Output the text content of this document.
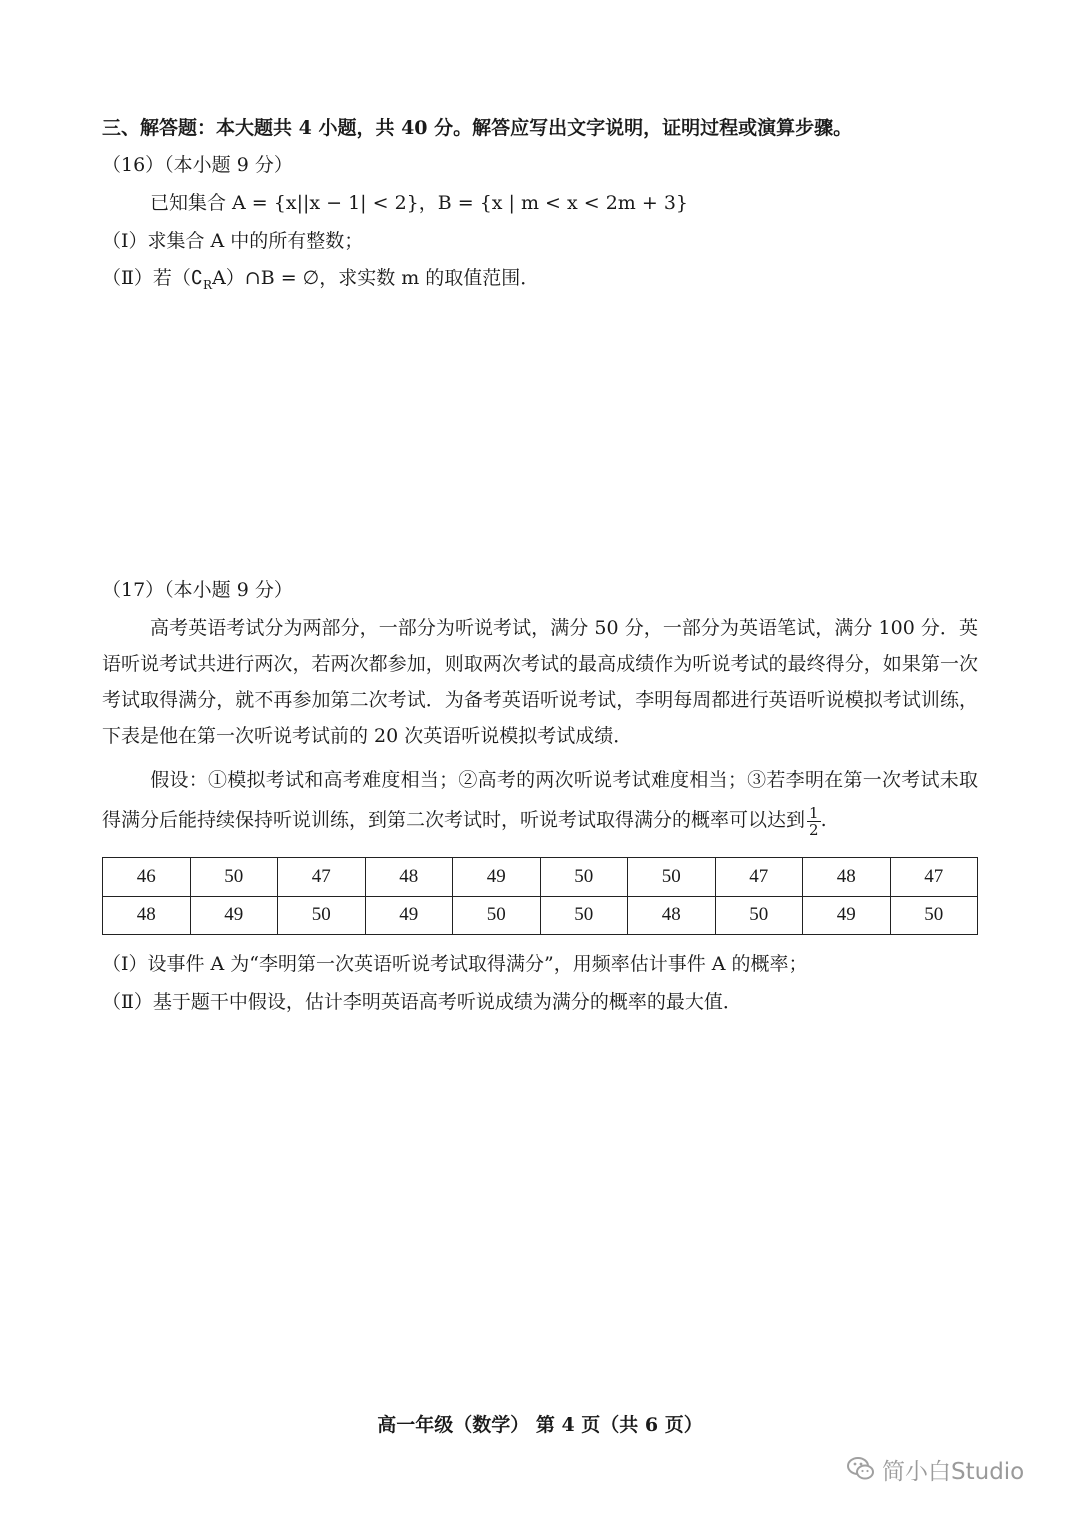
三、解答题：本大题共 4 小题，共 40 分。解答应写出文字说明，证明过程或演算步骤。
（16）（本小题 9 分）
已知集合 A = {x||x − 1| < 2}，B = {x | m < x < 2m + 3}
（Ⅰ）求集合 A 中的所有整数；
（Ⅱ）若$(∁_RA)\cap B$ = ∅，求实数 m 的取值范围．
（17）（本小题 9 分）
高考英语考试分为两部分，一部分为听说考试，满分 50 分，一部分为英语笔试，满分 100 分．英语听说考试共进行两次，若两次都参加，则取两次考试的最高成绩作为听说考试的最终得分，如果第一次考试取得满分，就不再参加第二次考试．为备考英语听说考试，李明每周都进行英语听说模拟考试训练，下表是他在第一次听说考试前的 20 次英语听说模拟考试成绩．
假设：①模拟考试和高考难度相当；②高考的两次听说考试难度相当；③若李明在第一次考试未取得满分后能持续保持听说训练，到第二次考试时，听说考试取得满分的概率可以达到 $\frac{1}{2}$ .
46	50	47	48	49	50	50	47	48	47
48	49	50	49	50	50	48	50	49	50
（Ⅰ）设事件 A 为“李明第一次英语听说考试取得满分”，用频率估计事件 A 的概率；
（Ⅱ）基于题干中假设，估计李明英语高考听说成绩为满分的概率的最大值．
高一年级（数学） 第 4 页（共 6 页）
简小白Studio
